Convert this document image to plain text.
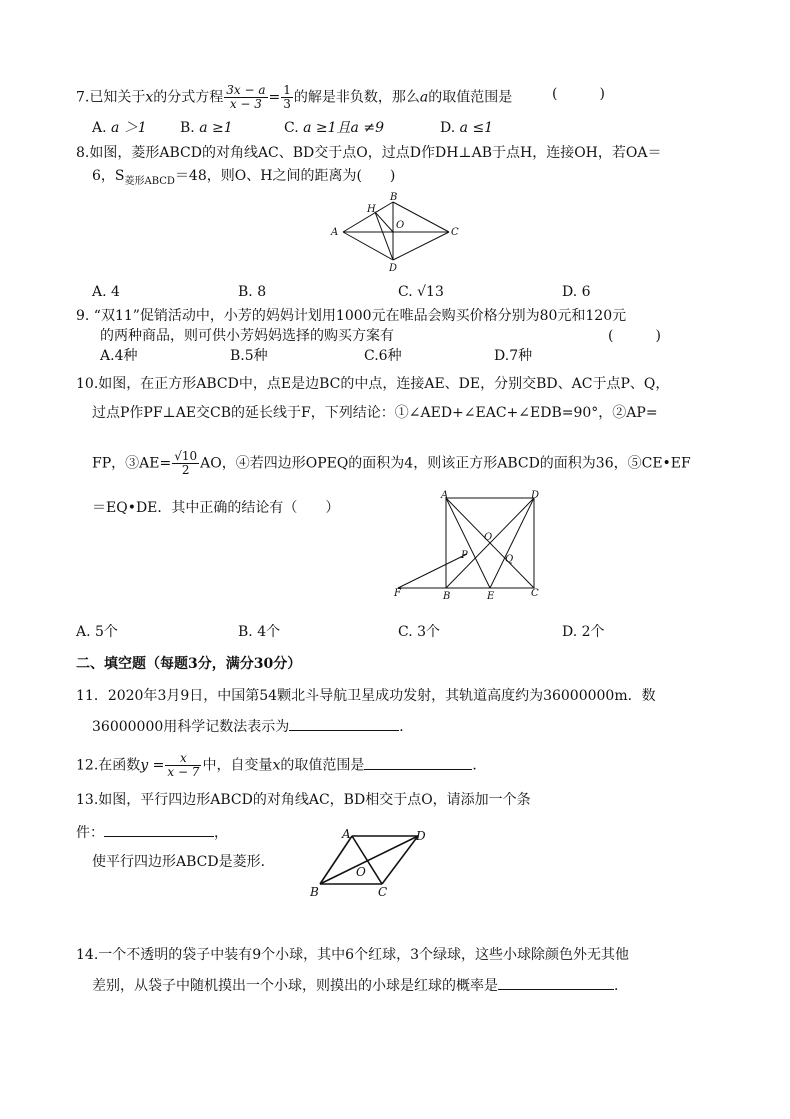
7.已知关于x的分式方程 $\frac{3x - a}{x - 3} = \frac{1}{3}$ 的解是非负数，那么a的取值范围是	(　　　)
A. a ＞1 B. a ≥1	C. a ≥1且a ≠9	D. a ≤1
8.如图，菱形ABCD的对角线AC、BD交于点O，过点D作DH⊥AB于点H，连接OH，若OA＝
6，$S_{菱形ABCD}=48$，则O、H之间的距离为(　　)
A
B
C
D
H
O
A. 4	B. 8	C. √13	D. 6
9. “双11”促销活动中，小芳的妈妈计划用1000元在唯品会购买价格分别为80元和120元
的两种商品，则可供小芳妈妈选择的购买方案有	(　　　)
A.4种	B.5种	C.6种	D.7种
10.如图，在正方形ABCD中，点E是边BC的中点，连接AE、DE，分别交BD、AC于点P、Q，
过点P作PF⊥AE交CB的延长线于F，下列结论：①∠AED+∠EAC+∠EDB=90°，②AP=
FP，③AE= $\frac{√10}{2}$ AO，④若四边形OPEQ的面积为4，则该正方形ABCD的面积为36，⑤CE•EF
＝EQ•DE．其中正确的结论有（　　）
A	D
B	E	C
F
O
P	Q
A. 5个	B. 4个	C. 3个	D. 2个
二、填空题（每题3分，满分30分）
11．2020年3月9日，中国第54颗北斗导航卫星成功发射，其轨道高度约为36000000m．数
36000000用科学记数法表示为	．
12.在函数$y = \frac{x}{x - 7}$ 中，自变量x的取值范围是	．
13.如图，平行四边形ABCD的对角线AC，BD相交于点O，请添加一个条
件：	，
使平行四边形ABCD是菱形．
A	D
B	C
O
14.一个不透明的袋子中装有9个小球，其中6个红球，3个绿球，这些小球除颜色外无其他
差别，从袋子中随机摸出一个小球，则摸出的小球是红球的概率是	．
